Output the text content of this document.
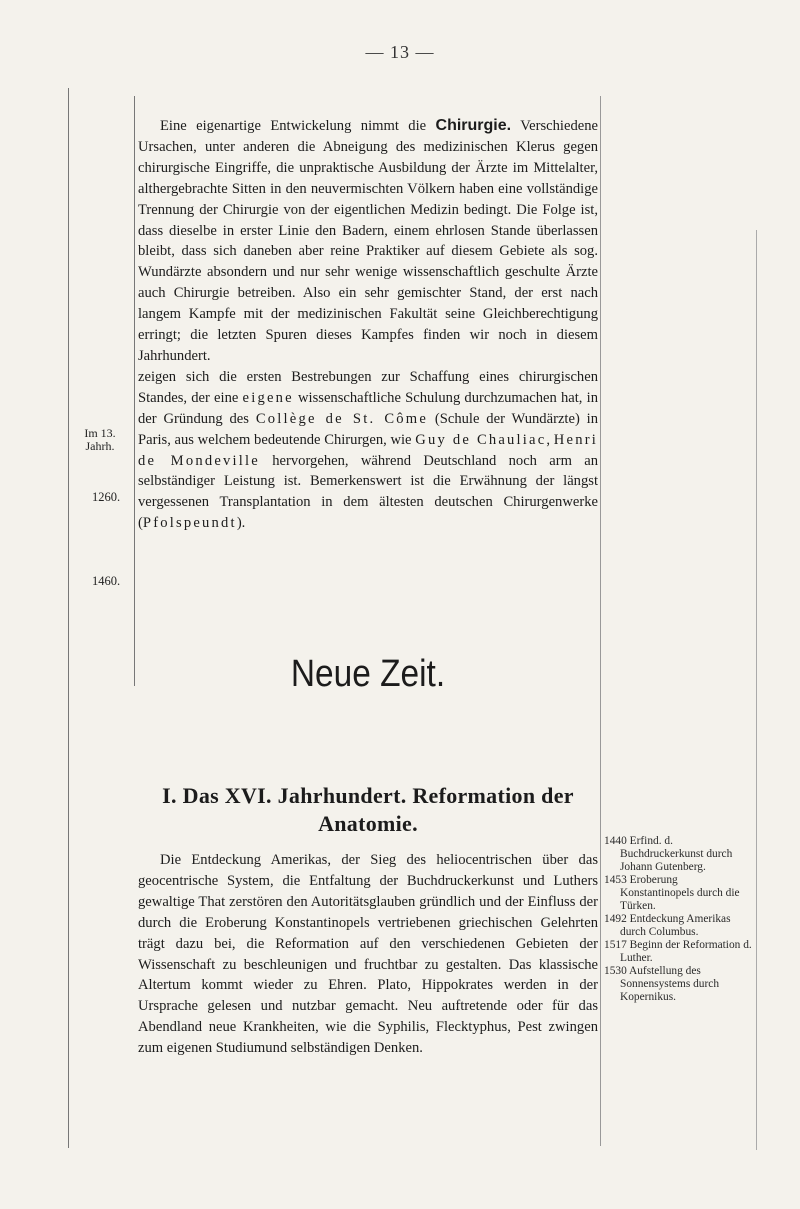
— 13 —
Im 13.
Jahrh.
1260.
1460.

Eine eigenartige Entwickelung nimmt die Chirurgie. Verschiedene Ursachen, unter anderen die Abneigung des medizinischen Klerus gegen chirurgische Eingriffe, die unpraktische Ausbildung der Ärzte im Mittelalter, althergebrachte Sitten in den neuvermischten Völkern haben eine vollständige Trennung der Chirurgie von der eigentlichen Medizin bedingt. Die Folge ist, dass dieselbe in erster Linie den Badern, einem ehrlosen Stande überlassen bleibt, dass sich daneben aber reine Praktiker auf diesem Gebiete als sog. Wundärzte absondern und nur sehr wenige wissenschaftlich geschulte Ärzte auch Chirurgie betreiben. Also ein sehr gemischter Stand, der erst nach langem Kampfe mit der medizinischen Fakultät seine Gleichberechtigung erringt; die letzten Spuren dieses Kampfes finden wir noch in diesem Jahrhundert.

zeigen sich die ersten Bestrebungen zur Schaffung eines chirurgischen Standes, der eine eigene wissenschaftliche Schulung durchzumachen hat, in der Gründung des Collège de St. Côme (Schule der Wundärzte) in Paris, aus welchem bedeutende Chirurgen, wie Guy de Chauliac, Henri de Mondeville hervorgehen, während Deutschland noch arm an selbständiger Leistung ist. Bemerkenswert ist die Erwähnung der längst vergessenen Transplantation in dem ältesten deutschen Chirurgenwerke (Pfolspeundt).

Neue Zeit.
I. Das XVI. Jahrhundert. Reformation der
Anatomie.

Die Entdeckung Amerikas, der Sieg des heliocentrischen über das geocentrische System, die Entfaltung der Buchdruckerkunst und Luthers gewaltige That zerstören den Autoritätsglauben gründlich und der Einfluss der durch die Eroberung Konstantinopels vertriebenen griechischen Gelehrten trägt dazu bei, die Reformation auf den verschiedenen Gebieten der Wissenschaft zu beschleunigen und fruchtbar zu gestalten. Das klassische Altertum kommt wieder zu Ehren. Plato, Hippokrates werden in der Ursprache gelesen und nutzbar gemacht. Neu auftretende oder für das Abendland neue Krankheiten, wie die Syphilis, Flecktyphus, Pest zwingen zum eigenen Studiumund selbständigen Denken.

1440 Erfind. d. Buchdruckerkunst durch Johann Gutenberg.
1453 Eroberung Konstantinopels durch die Türken.
1492 Entdeckung Amerikas durch Columbus.
1517 Beginn der Reformation d. Luther.
1530 Aufstellung des Sonnensystems durch Kopernikus.
